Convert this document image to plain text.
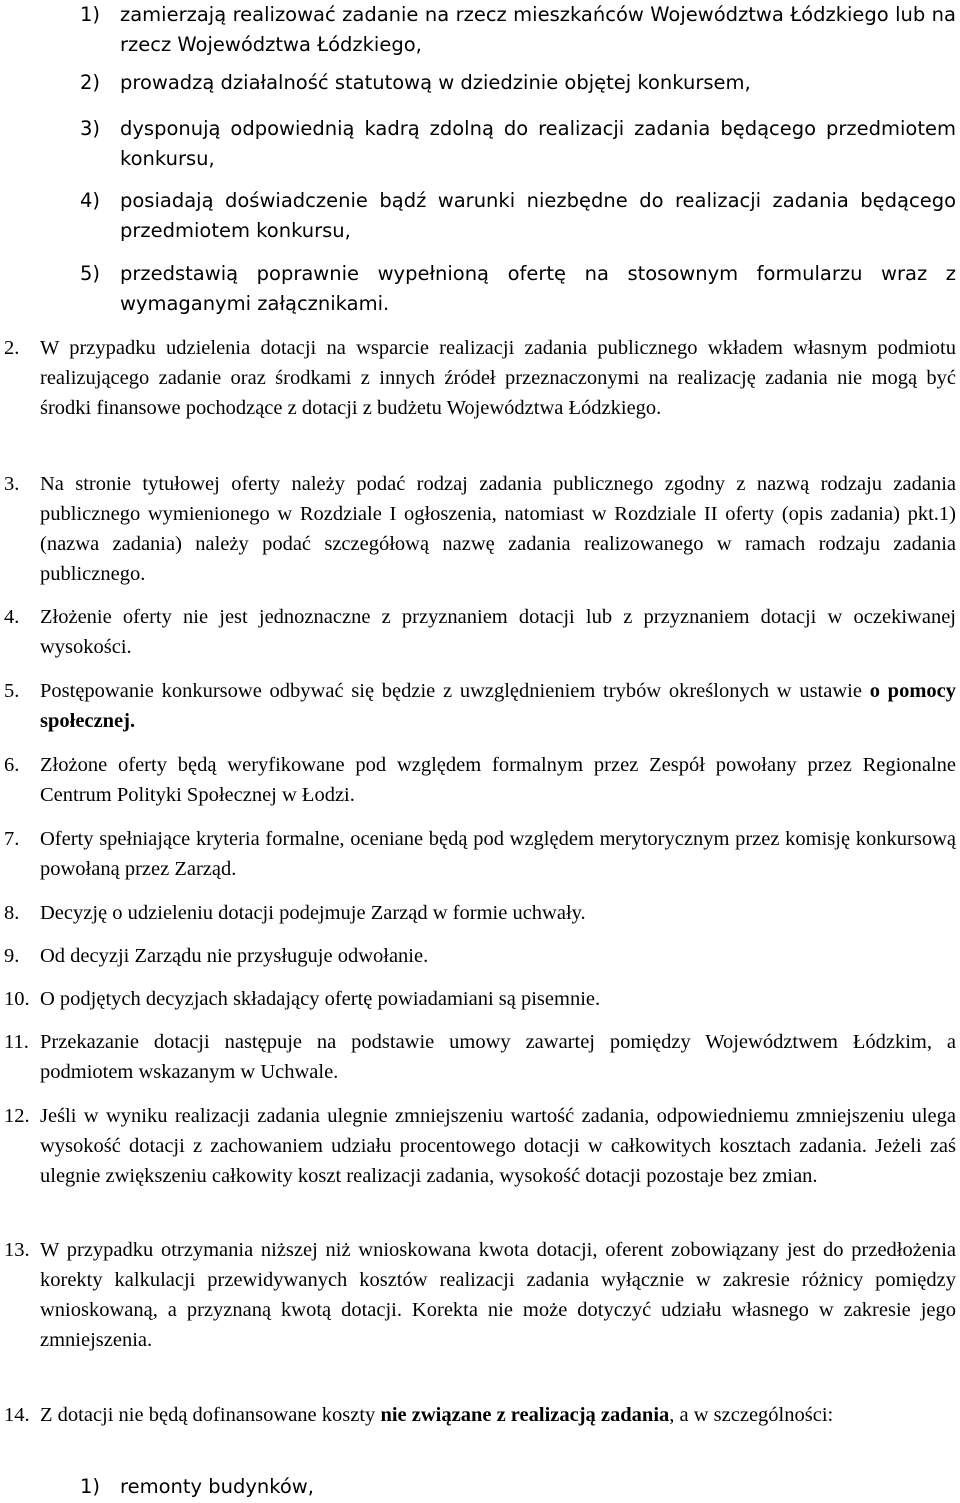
1) zamierzają realizować zadanie na rzecz mieszkańców Województwa Łódzkiego lub na rzecz Województwa Łódzkiego,
2) prowadzą działalność statutową w dziedzinie objętej konkursem,
3) dysponują odpowiednią kadrą zdolną do realizacji zadania będącego przedmiotem konkursu,
4) posiadają doświadczenie bądź warunki niezbędne do realizacji zadania będącego przedmiotem konkursu,
5) przedstawią poprawnie wypełnioną ofertę na stosownym formularzu wraz z wymaganymi załącznikami.
2. W przypadku udzielenia dotacji na wsparcie realizacji zadania publicznego wkładem własnym podmiotu realizującego zadanie oraz środkami z innych źródeł przeznaczonymi na realizację zadania nie mogą być środki finansowe pochodzące z dotacji z budżetu Województwa Łódzkiego.
3. Na stronie tytułowej oferty należy podać rodzaj zadania publicznego zgodny z nazwą rodzaju zadania publicznego wymienionego w Rozdziale I ogłoszenia, natomiast w Rozdziale II oferty (opis zadania) pkt.1) (nazwa zadania) należy podać szczegółową nazwę zadania realizowanego w ramach rodzaju zadania publicznego.
4. Złożenie oferty nie jest jednoznaczne z przyznaniem dotacji lub z przyznaniem dotacji w oczekiwanej wysokości.
5. Postępowanie konkursowe odbywać się będzie z uwzględnieniem trybów określonych w ustawie o pomocy społecznej.
6. Złożone oferty będą weryfikowane pod względem formalnym przez Zespół powołany przez Regionalne Centrum Polityki Społecznej w Łodzi.
7. Oferty spełniające kryteria formalne, oceniane będą pod względem merytorycznym przez komisję konkursową powołaną przez Zarząd.
8. Decyzję o udzieleniu dotacji podejmuje Zarząd w formie uchwały.
9. Od decyzji Zarządu nie przysługuje odwołanie.
10. O podjętych decyzjach składający ofertę powiadamiani są pisemnie.
11. Przekazanie dotacji następuje na podstawie umowy zawartej pomiędzy Województwem Łódzkim, a podmiotem wskazanym w Uchwale.
12. Jeśli w wyniku realizacji zadania ulegnie zmniejszeniu wartość zadania, odpowiedniemu zmniejszeniu ulega wysokość dotacji z zachowaniem udziału procentowego dotacji w całkowitych kosztach zadania. Jeżeli zaś ulegnie zwiększeniu całkowity koszt realizacji zadania, wysokość dotacji pozostaje bez zmian.
13. W przypadku otrzymania niższej niż wnioskowana kwota dotacji, oferent zobowiązany jest do przedłożenia korekty kalkulacji przewidywanych kosztów realizacji zadania wyłącznie w zakresie różnicy pomiędzy wnioskowaną, a przyznaną kwotą dotacji. Korekta nie może dotyczyć udziału własnego w zakresie jego zmniejszenia.
14. Z dotacji nie będą dofinansowane koszty nie związane z realizacją zadania, a w szczególności:
1) remonty budynków,
